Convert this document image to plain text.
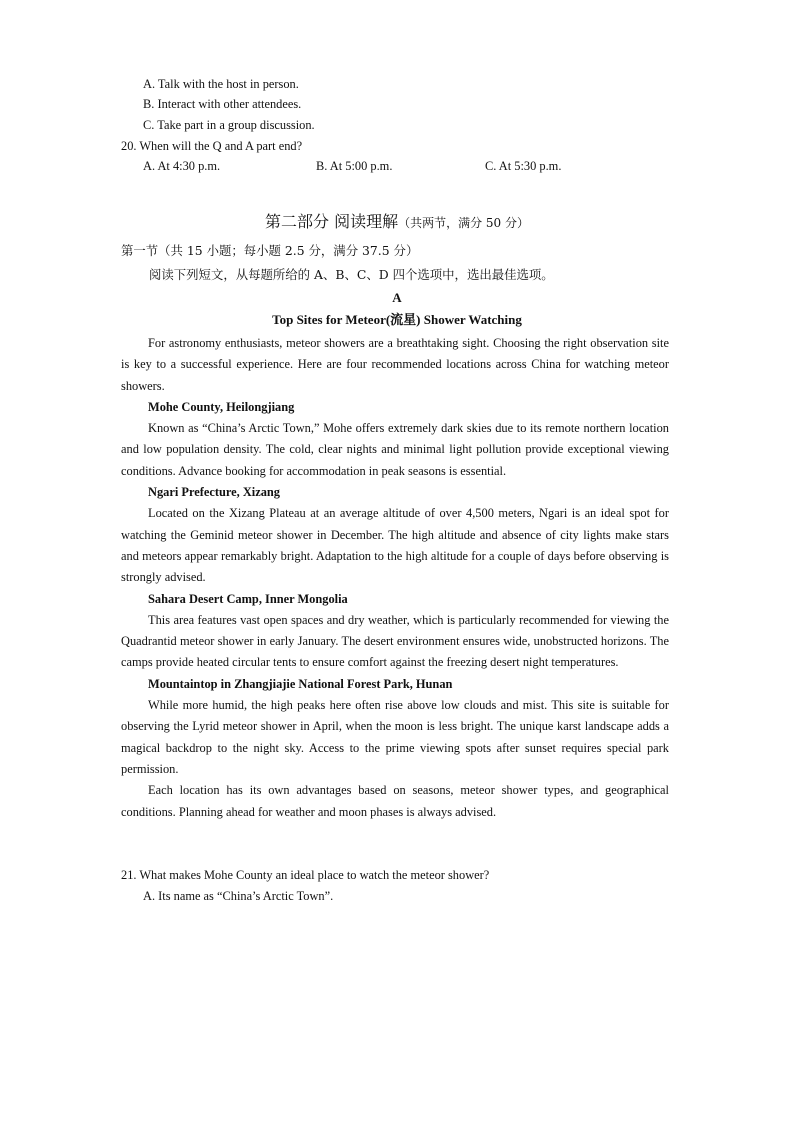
A. Talk with the host in person.
B. Interact with other attendees.
C. Take part in a group discussion.
20. When will the Q and A part end?
A. At 4:30 p.m.	B. At 5:00 p.m.	C. At 5:30 p.m.
第二部分 阅读理解（共两节，满分 50 分）
第一节（共 15 小题；每小题 2.5 分，满分 37.5 分）
阅读下列短文，从每题所给的 A、B、C、D 四个选项中，选出最佳选项。
A
Top Sites for Meteor(流星) Shower Watching

For astronomy enthusiasts, meteor showers are a breathtaking sight. Choosing the right observation site is key to a successful experience. Here are four recommended locations across China for watching meteor showers.

Mohe County, Heilongjiang

Known as “China’s Arctic Town,” Mohe offers extremely dark skies due to its remote northern location and low population density. The cold, clear nights and minimal light pollution provide exceptional viewing conditions. Advance booking for accommodation in peak seasons is essential.

Ngari Prefecture, Xizang

Located on the Xizang Plateau at an average altitude of over 4,500 meters, Ngari is an ideal spot for watching the Geminid meteor shower in December. The high altitude and absence of city lights make stars and meteors appear remarkably bright. Adaptation to the high altitude for a couple of days before observing is strongly advised.

Sahara Desert Camp, Inner Mongolia

This area features vast open spaces and dry weather, which is particularly recommended for viewing the Quadrantid meteor shower in early January. The desert environment ensures wide, unobstructed horizons. The camps provide heated circular tents to ensure comfort against the freezing desert night temperatures.

Mountaintop in Zhangjiajie National Forest Park, Hunan

While more humid, the high peaks here often rise above low clouds and mist. This site is suitable for observing the Lyrid meteor shower in April, when the moon is less bright. The unique karst landscape adds a magical backdrop to the night sky. Access to the prime viewing spots after sunset requires special park permission.

Each location has its own advantages based on seasons, meteor shower types, and geographical conditions. Planning ahead for weather and moon phases is always advised.

21. What makes Mohe County an ideal place to watch the meteor shower?
A. Its name as “China’s Arctic Town”.
